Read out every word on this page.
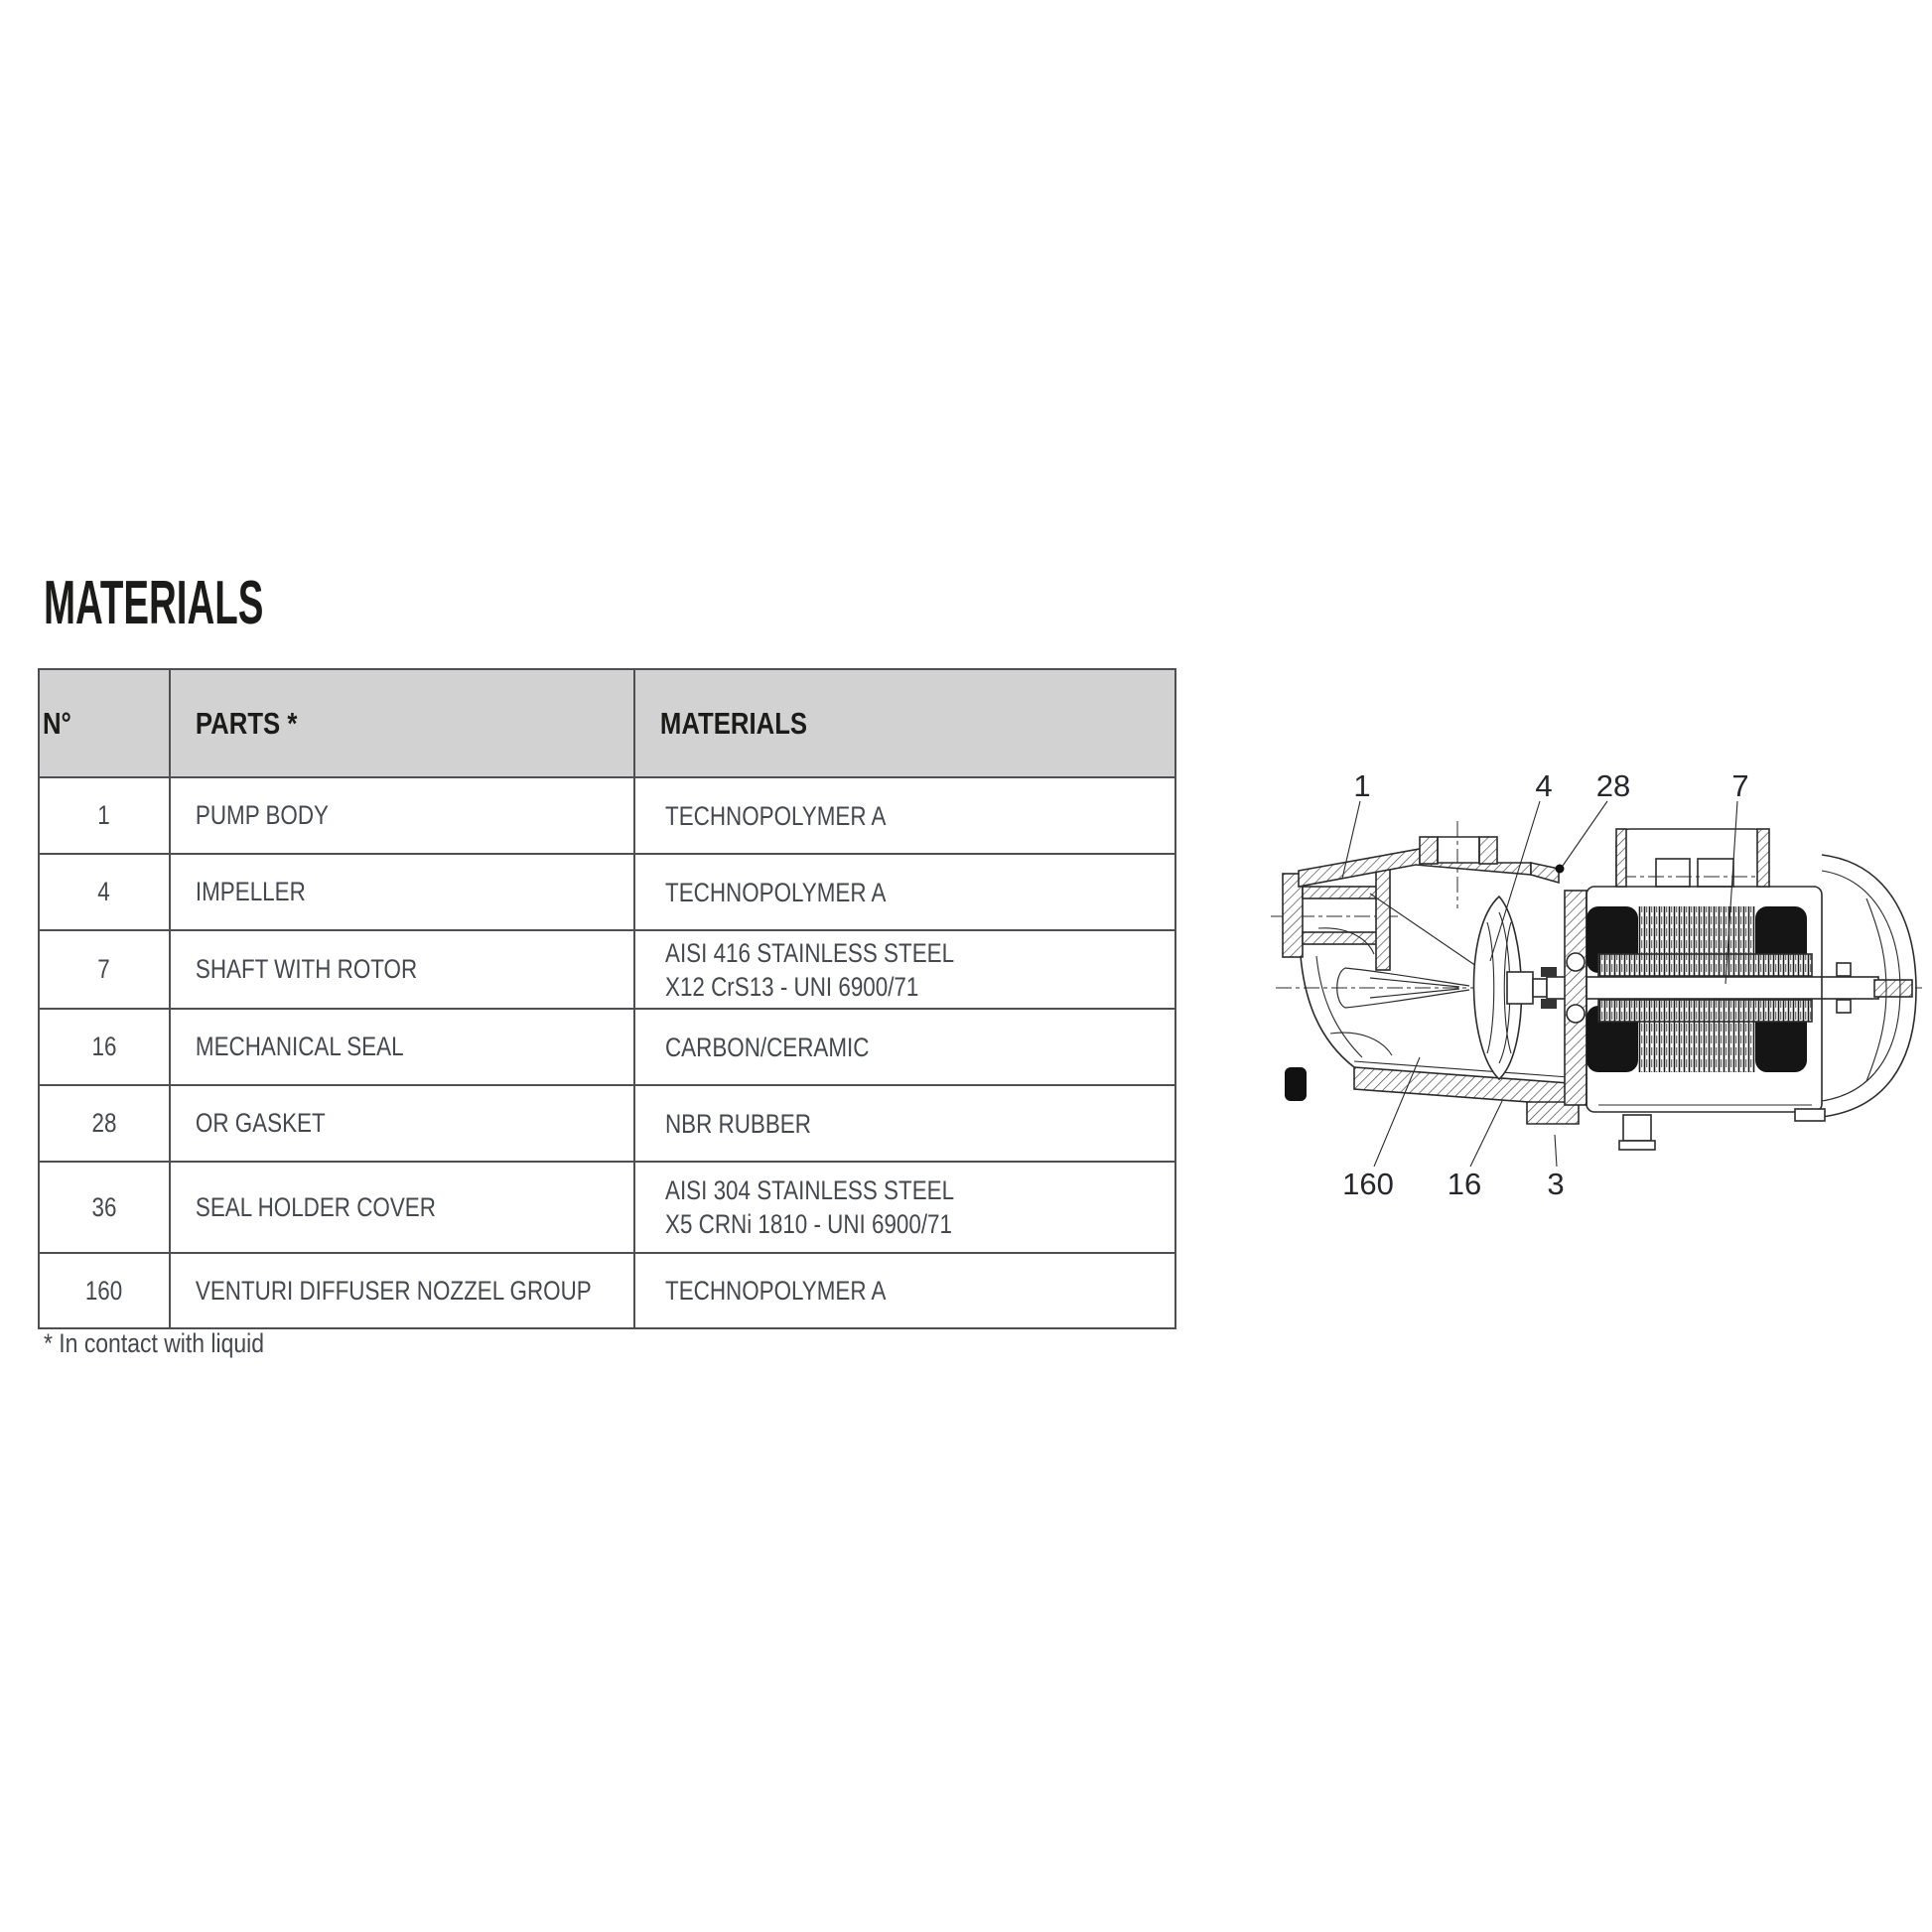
MATERIALS
N°	PARTS *	MATERIALS
1	PUMP BODY	TECHNOPOLYMER A

4	IMPELLER	TECHNOPOLYMER A

7	SHAFT WITH ROTOR	AISI 416 STAINLESS STEEL
X12 CrS13 - UNI 6900/71

16	MECHANICAL SEAL	CARBON/CERAMIC

28	OR GASKET	NBR RUBBER

36	SEAL HOLDER COVER	AISI 304 STAINLESS STEEL
X5 CRNi 1810 - UNI 6900/71

160	VENTURI DIFFUSER NOZZEL GROUP	TECHNOPOLYMER A
* In contact with liquid
1	4 28	7
160 16 3
